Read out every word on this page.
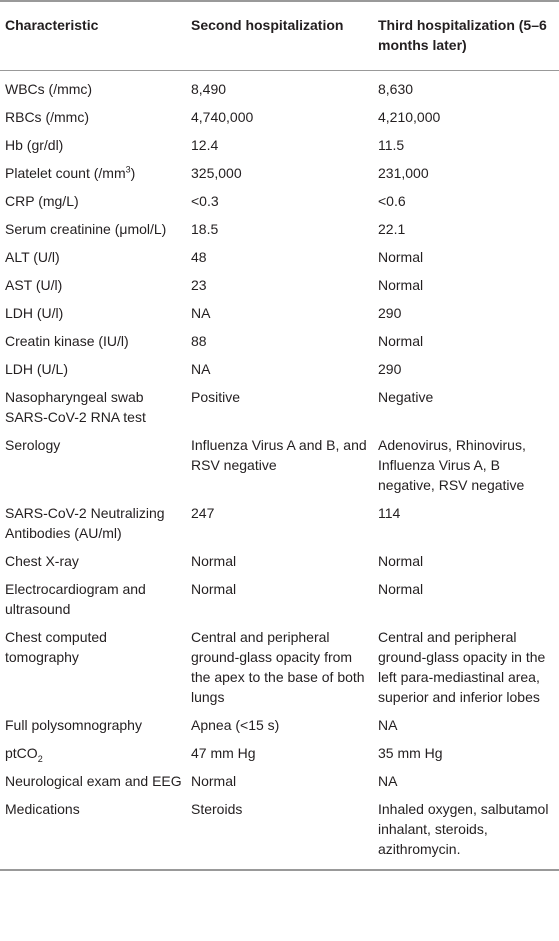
Characteristic	Second hospitalization	Third hospitalization (5–6 months later)
WBCs (/mmc)	8,490	8,630
RBCs (/mmc)	4,740,000	4,210,000
Hb (gr/dl)	12.4	11.5
Platelet count $(/mm^3)$	325,000	231,000
CRP (mg/L)	<0.3	<0.6
Serum creatinine (μmol/L)	18.5	22.1
ALT (U/l)	48	Normal
AST (U/l)	23	Normal
LDH (U/l)	NA	290
Creatin kinase (IU/l)	88	Normal
LDH (U/L)	NA	290
Nasopharyngeal swab SARS-CoV-2 RNA test	Positive	Negative
Serology	Influenza Virus A and B, and RSV negative	Adenovirus, Rhinovirus, Influenza Virus A, B negative, RSV negative
SARS-CoV-2 Neutralizing Antibodies (AU/ml)	247	114
Chest X-ray	Normal	Normal
Electrocardiogram and ultrasound	Normal	Normal
Chest computed tomography	Central and peripheral ground-glass opacity from the apex to the base of both lungs	Central and peripheral ground-glass opacity in the left para-mediastinal area, superior and inferior lobes
Full polysomnography	Apnea (<15 s)	NA
ptCO$_2$	47 mm Hg	35 mm Hg
Neurological exam and EEG	Normal	NA
Medications	Steroids	Inhaled oxygen, salbutamol inhalant, steroids, azithromycin.
